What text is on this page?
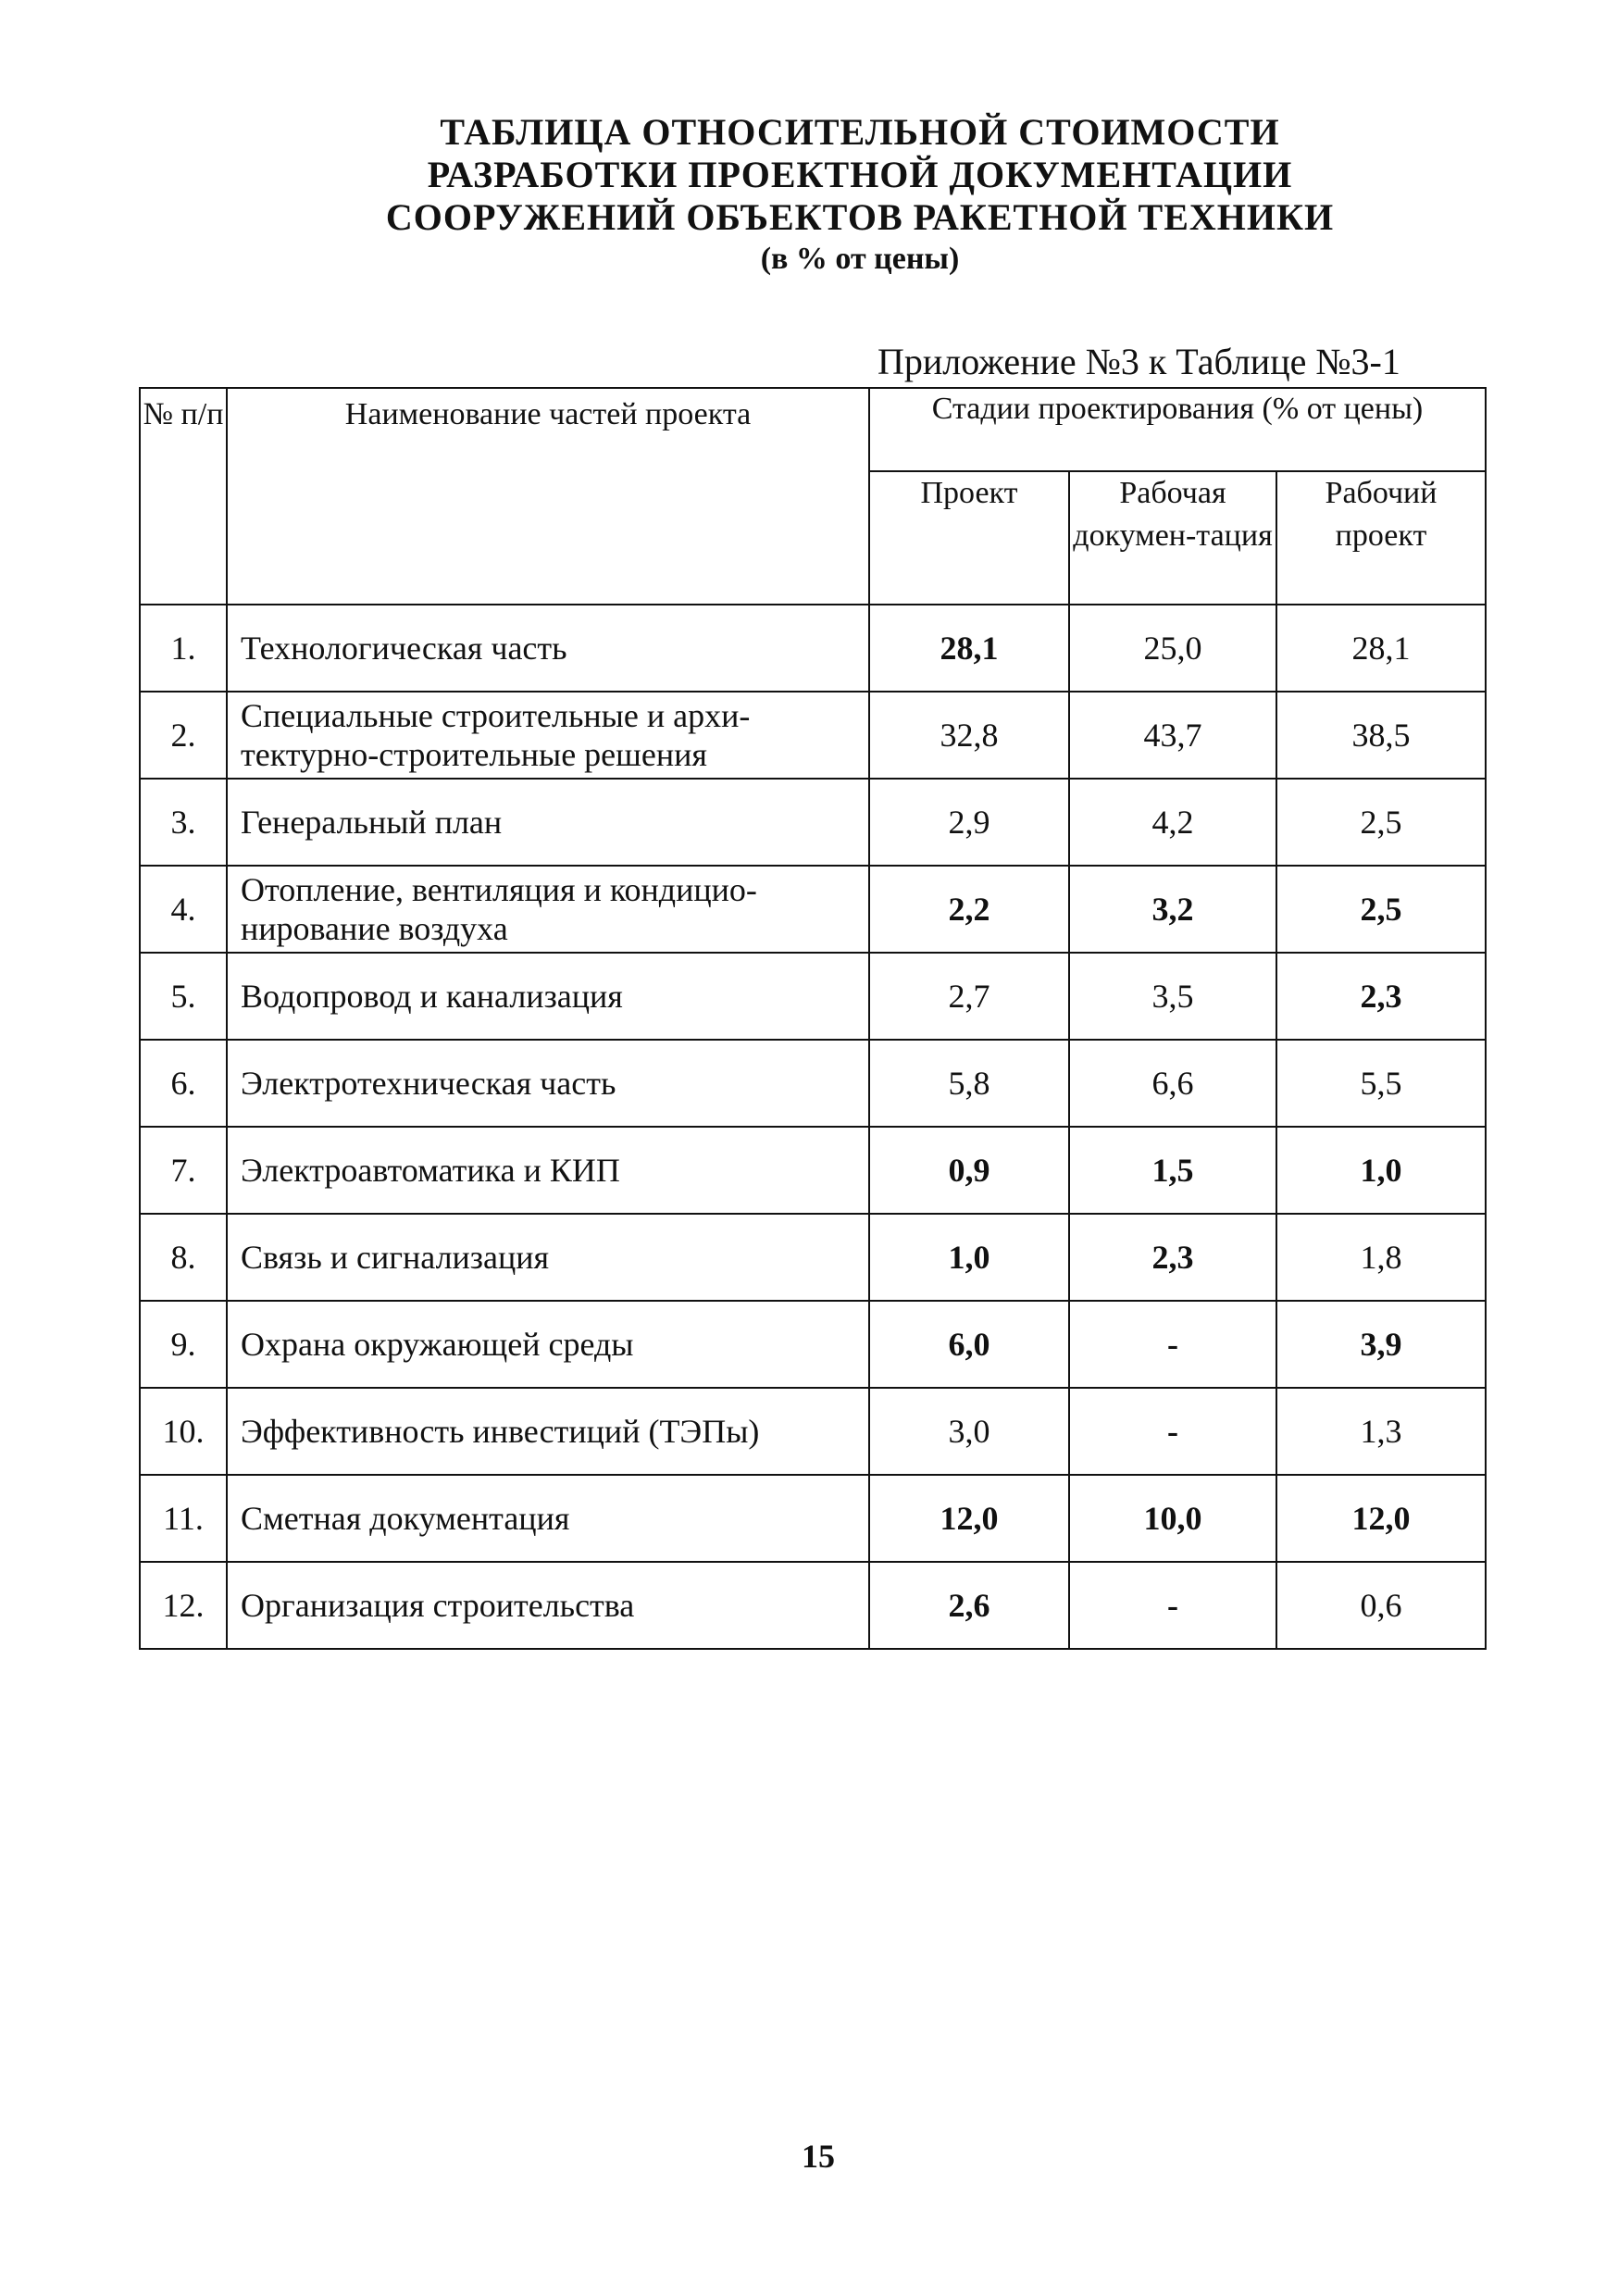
ТАБЛИЦА ОТНОСИТЕЛЬНОЙ СТОИМОСТИ
РАЗРАБОТКИ ПРОЕКТНОЙ ДОКУМЕНТАЦИИ
СООРУЖЕНИЙ ОБЪЕКТОВ РАКЕТНОЙ ТЕХНИКИ
(в % от цены)
Приложение №3 к Таблице №3-1
№ п/п	Наименование частей проекта	Стадии проектирования (% от цены)		
		Проект	Рабочая докумен-тация	Рабочий проект
1.	Технологическая часть	28,1	25,0	28,1
2.	Специальные строительные и архи-тектурно-строительные решения	32,8	43,7	38,5
3.	Генеральный план	2,9	4,2	2,5
4.	Отопление, вентиляция и кондицио-нирование воздуха	2,2	3,2	2,5
5.	Водопровод и канализация	2,7	3,5	2,3
6.	Электротехническая часть	5,8	6,6	5,5
7.	Электроавтоматика и КИП	0,9	1,5	1,0
8.	Связь и сигнализация	1,0	2,3	1,8
9.	Охрана окружающей среды	6,0	-	3,9
10.	Эффективность инвестиций (ТЭПы)	3,0	-	1,3
11.	Сметная документация	12,0	10,0	12,0
12.	Организация строительства	2,6	-	0,6
15
